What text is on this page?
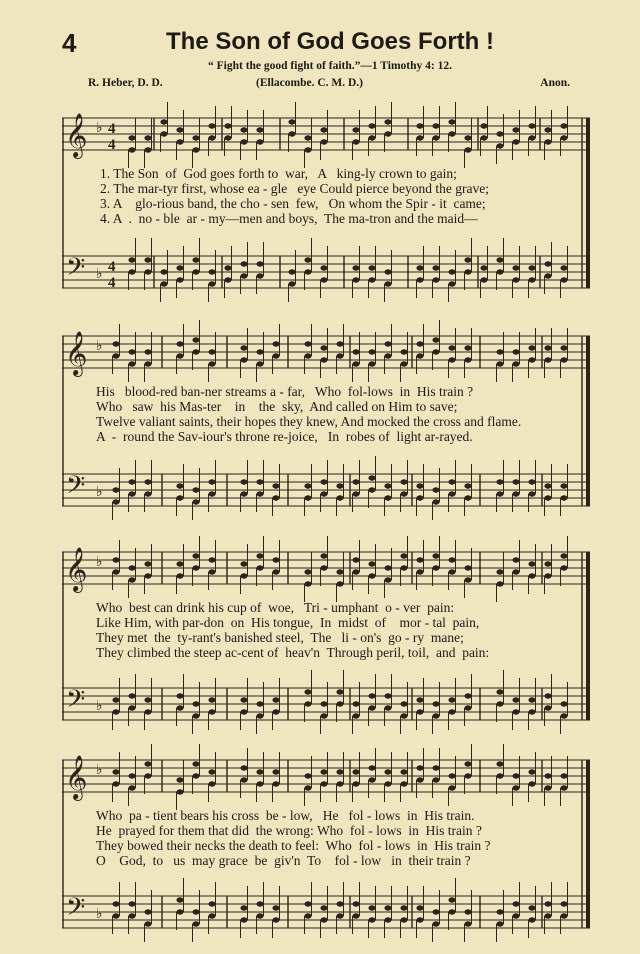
4	The Son of God Goes Forth !
“ Fight the good fight of faith.”—1 Timothy 4: 12.
R. Heber, D. D.	(Ellacombe. C. M. D.)	Anon.
𝄞
𝄢
♭
♭
4
4
4
4
1. The Son  of  God goes forth to  war,   A   king-ly crown to gain;
2. The mar-tyr first, whose ea - gle   eye Could pierce beyond the grave;
3. A    glo-rious band, the cho - sen  few,   On whom the Spir - it  came;
4. A  .  no - ble  ar - my—men and boys,  The ma-tron and the maid—
𝄞
𝄢
♭
♭
His   blood-red ban-ner streams a - far,   Who  fol-lows  in  His train ?
Who   saw  his Mas-ter    in    the  sky,  And called on Him to save;
Twelve valiant saints, their hopes they knew, And mocked the cross and flame.
A  -  round the Sav-iour's throne re-joice,   In  robes of  light ar-rayed.
𝄞
𝄢
♭
♭
Who  best can drink his cup of  woe,   Tri - umphant  o - ver  pain:
Like Him, with par-don  on  His tongue,  In  midst  of    mor - tal  pain,
They met  the  ty-rant's banished steel,  The   li - on's  go - ry  mane;
They climbed the steep ac-cent of  heav'n  Through peril, toil,  and  pain:
𝄞
𝄢
♭
♭
Who  pa - tient bears his cross  be - low,   He   fol - lows  in  His train.
He  prayed for them that did  the wrong: Who  fol - lows  in  His train ?
They bowed their necks the death to feel:  Who  fol - lows  in  His train ?
O    God,  to   us  may grace  be  giv'n  To    fol - low   in  their train ?
